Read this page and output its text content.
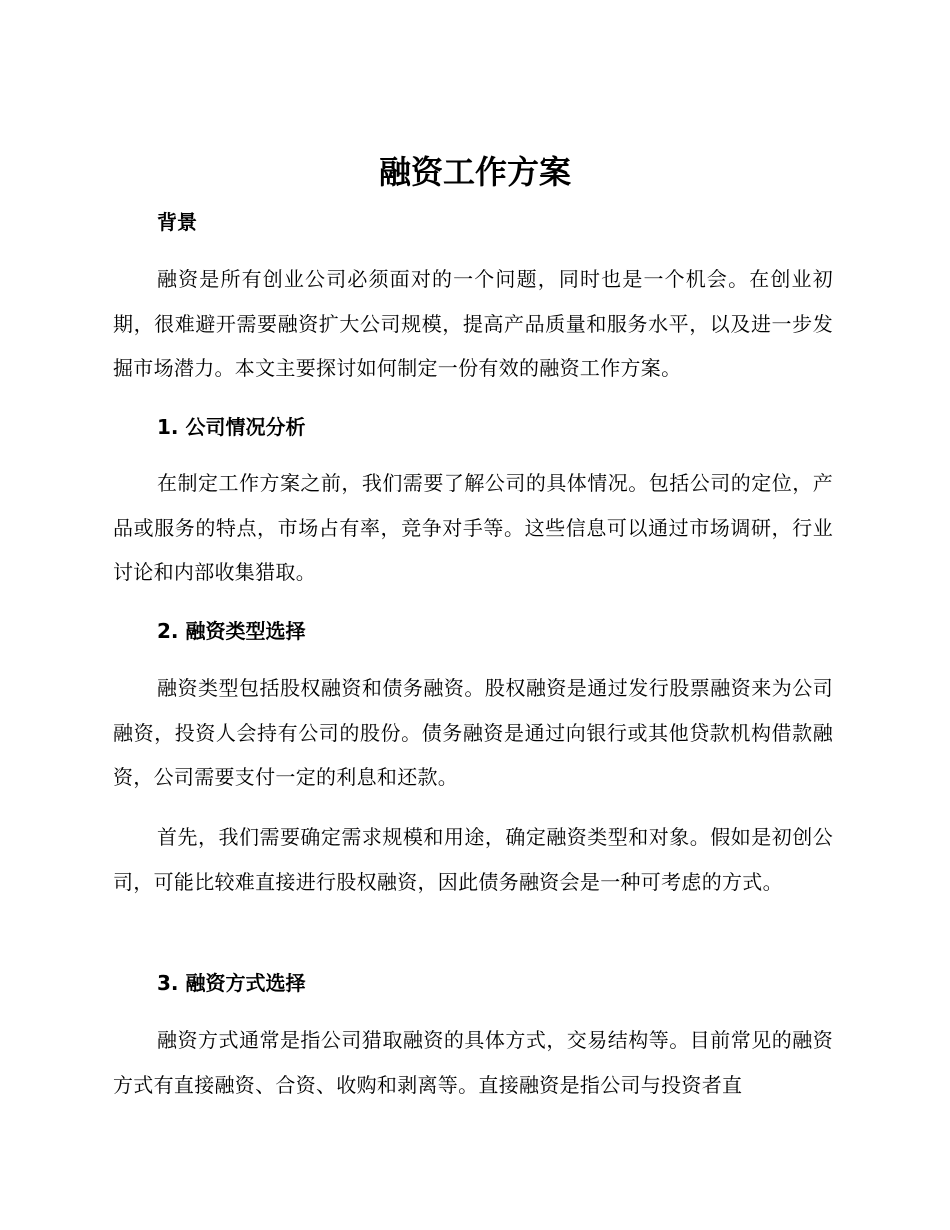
融资工作方案
背景

融资是所有创业公司必须面对的一个问题，同时也是一个机会。在创业初期，很难避开需要融资扩大公司规模，提高产品质量和服务水平，以及进一步发掘市场潜力。本文主要探讨如何制定一份有效的融资工作方案。

1. 公司情况分析

在制定工作方案之前，我们需要了解公司的具体情况。包括公司的定位，产品或服务的特点，市场占有率，竞争对手等。这些信息可以通过市场调研，行业讨论和内部收集猎取。

2. 融资类型选择

融资类型包括股权融资和债务融资。股权融资是通过发行股票融资来为公司融资，投资人会持有公司的股份。债务融资是通过向银行或其他贷款机构借款融资，公司需要支付一定的利息和还款。

首先，我们需要确定需求规模和用途，确定融资类型和对象。假如是初创公司，可能比较难直接进行股权融资，因此债务融资会是一种可考虑的方式。

3. 融资方式选择

融资方式通常是指公司猎取融资的具体方式，交易结构等。目前常见的融资方式有直接融资、合资、收购和剥离等。直接融资是指公司与投资者直
